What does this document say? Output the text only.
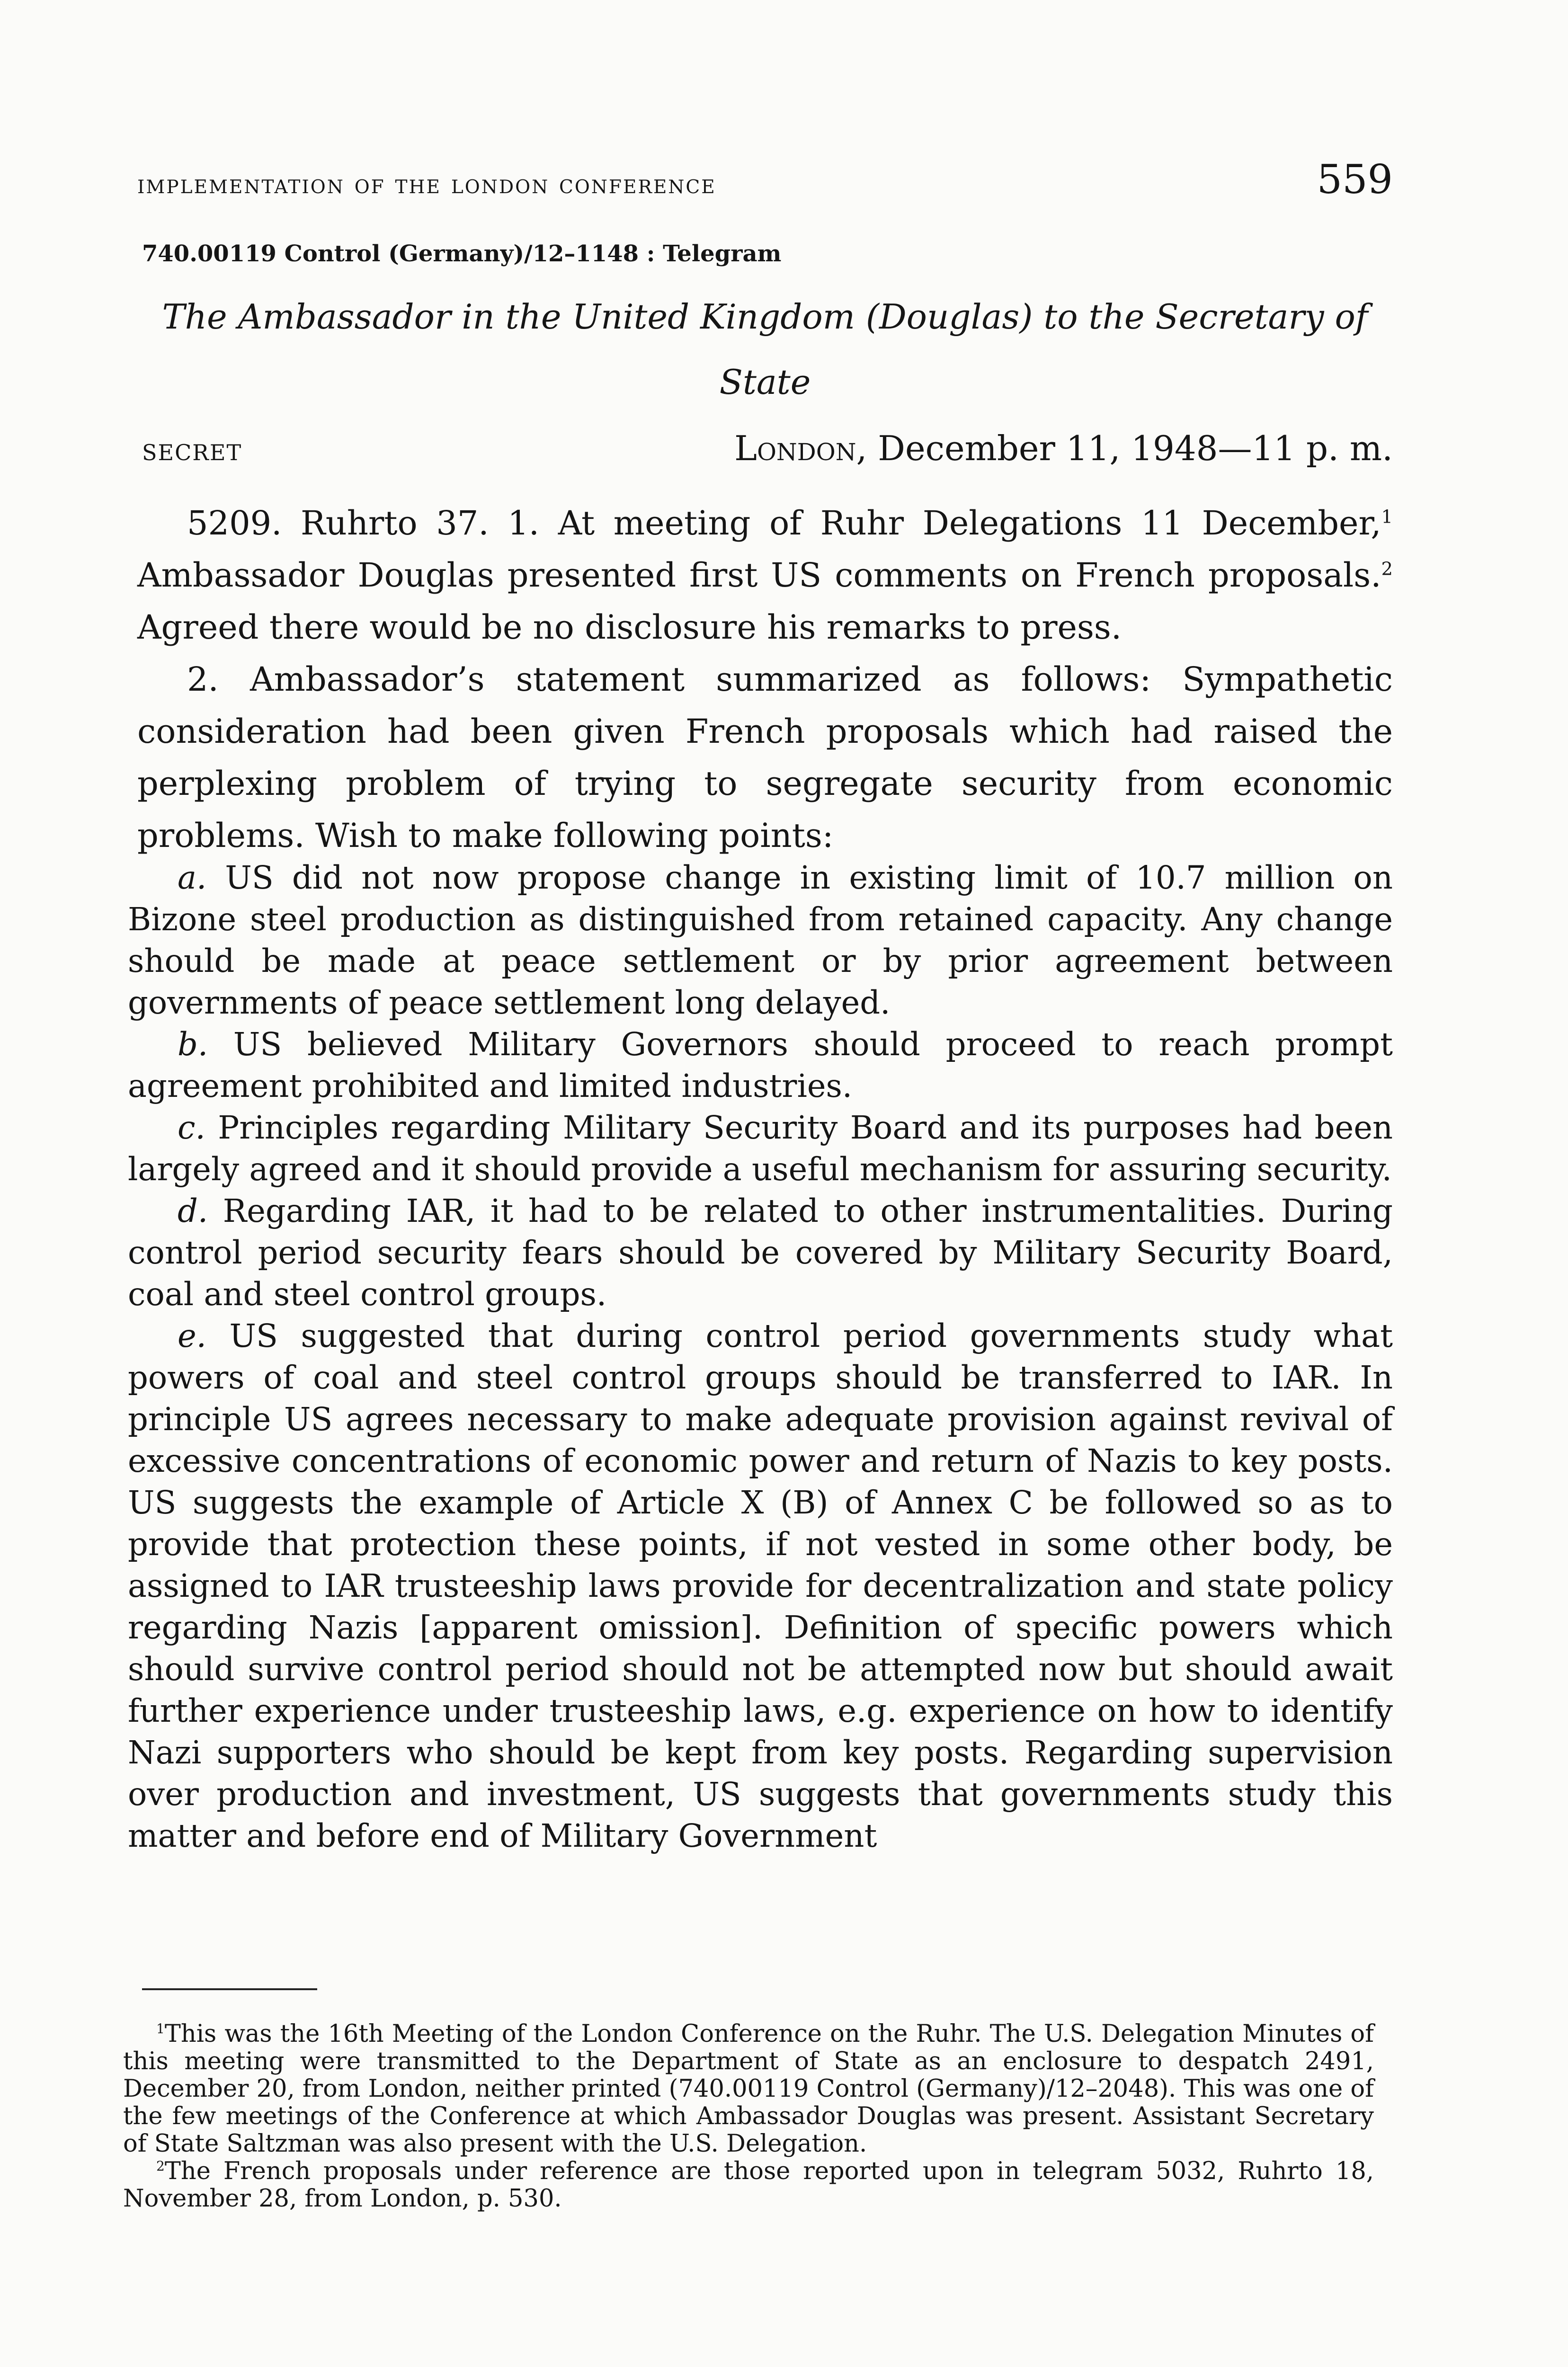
implementation of the london conference	559
740.00119 Control (Germany)/12–1148 : Telegram
The Ambassador in the United Kingdom (Douglas) to the Secretary of State
SECRET	London, December 11, 1948—11 p. m.

5209. Ruhrto 37. 1. At meeting of Ruhr Delegations 11 December,$^1$ Ambassador Douglas presented first US comments on French proposals.$^2$ Agreed there would be no disclosure his remarks to press.

2. Ambassador’s statement summarized as follows: Sympathetic consideration had been given French proposals which had raised the perplexing problem of trying to segregate security from economic problems. Wish to make following points:

a. US did not now propose change in existing limit of 10.7 million on Bizone steel production as distinguished from retained capacity. Any change should be made at peace settlement or by prior agreement between governments of peace settlement long delayed.

b. US believed Military Governors should proceed to reach prompt agreement prohibited and limited industries.

c. Principles regarding Military Security Board and its purposes had been largely agreed and it should provide a useful mechanism for assuring security.

d. Regarding IAR, it had to be related to other instrumentalities. During control period security fears should be covered by Military Security Board, coal and steel control groups.

e. US suggested that during control period governments study what powers of coal and steel control groups should be transferred to IAR. In principle US agrees necessary to make adequate provision against revival of excessive concentrations of economic power and return of Nazis to key posts. US suggests the example of Article X (B) of Annex C be followed so as to provide that protection these points, if not vested in some other body, be assigned to IAR trusteeship laws provide for decentralization and state policy regarding Nazis [apparent omission]. Definition of specific powers which should survive control period should not be attempted now but should await further experience under trusteeship laws, e.g. experience on how to identify Nazi supporters who should be kept from key posts. Regarding supervision over production and investment, US suggests that governments study this matter and before end of Military Government

$^1$This was the 16th Meeting of the London Conference on the Ruhr. The U.S. Delegation Minutes of this meeting were transmitted to the Department of State as an enclosure to despatch 2491, December 20, from London, neither printed (740.00119 Control (Germany)/12–2048). This was one of the few meetings of the Conference at which Ambassador Douglas was present. Assistant Secretary of State Saltzman was also present with the U.S. Delegation.

$^2$The French proposals under reference are those reported upon in telegram 5032, Ruhrto 18, November 28, from London, p. 530.
